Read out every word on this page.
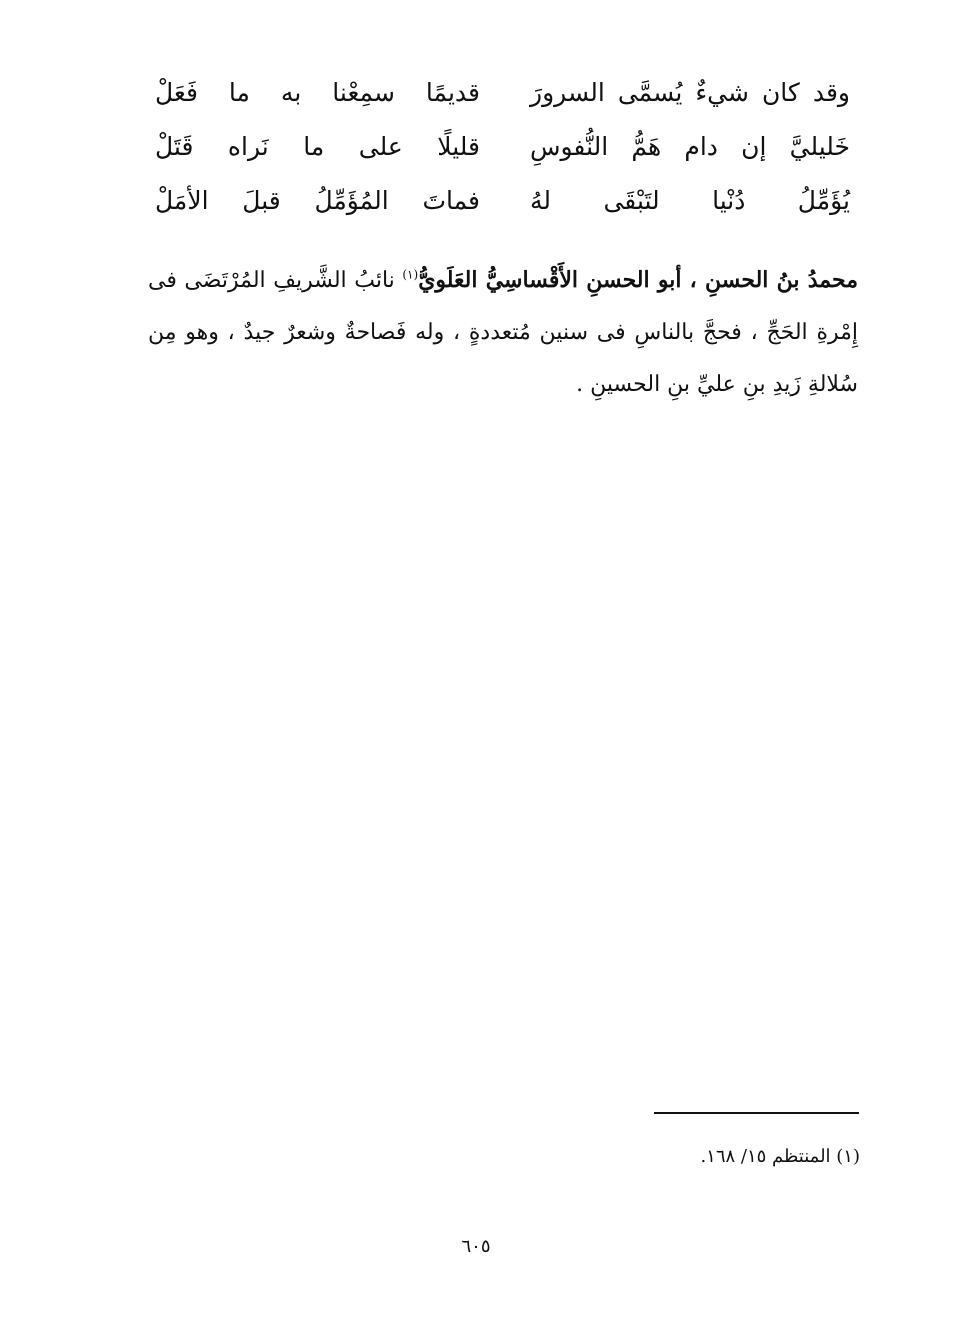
وقد كان شيءٌ يُسمَّى السرورَ
قديمًا سمِعْنا به ما فَعَلْ
خَليليَّ إن دام هَمُّ النُّفوسِ
قليلًا على ما نَراه قَتَلْ
يُؤَمِّلُ دُنْيا لتَبْقَى لهُ
فماتَ المُؤَمِّلُ قبلَ الأمَلْ

محمدُ بنُ الحسنِ ، أبو الحسنِ الأَقْساسِيُّ العَلَويُّ$^{(١)}$ نائبُ الشَّريفِ المُرْتَضَى فى إِمْرةِ الحَجِّ ، فحجَّ بالناسِ فى سنين مُتعددةٍ ، وله فَصاحةٌ وشعرٌ جيدٌ ، وهو مِن سُلالةِ زَيدِ بنِ عليِّ بنِ الحسينِ .

(١) المنتظم ١٥/ ١٦٨.
٦٠٥
